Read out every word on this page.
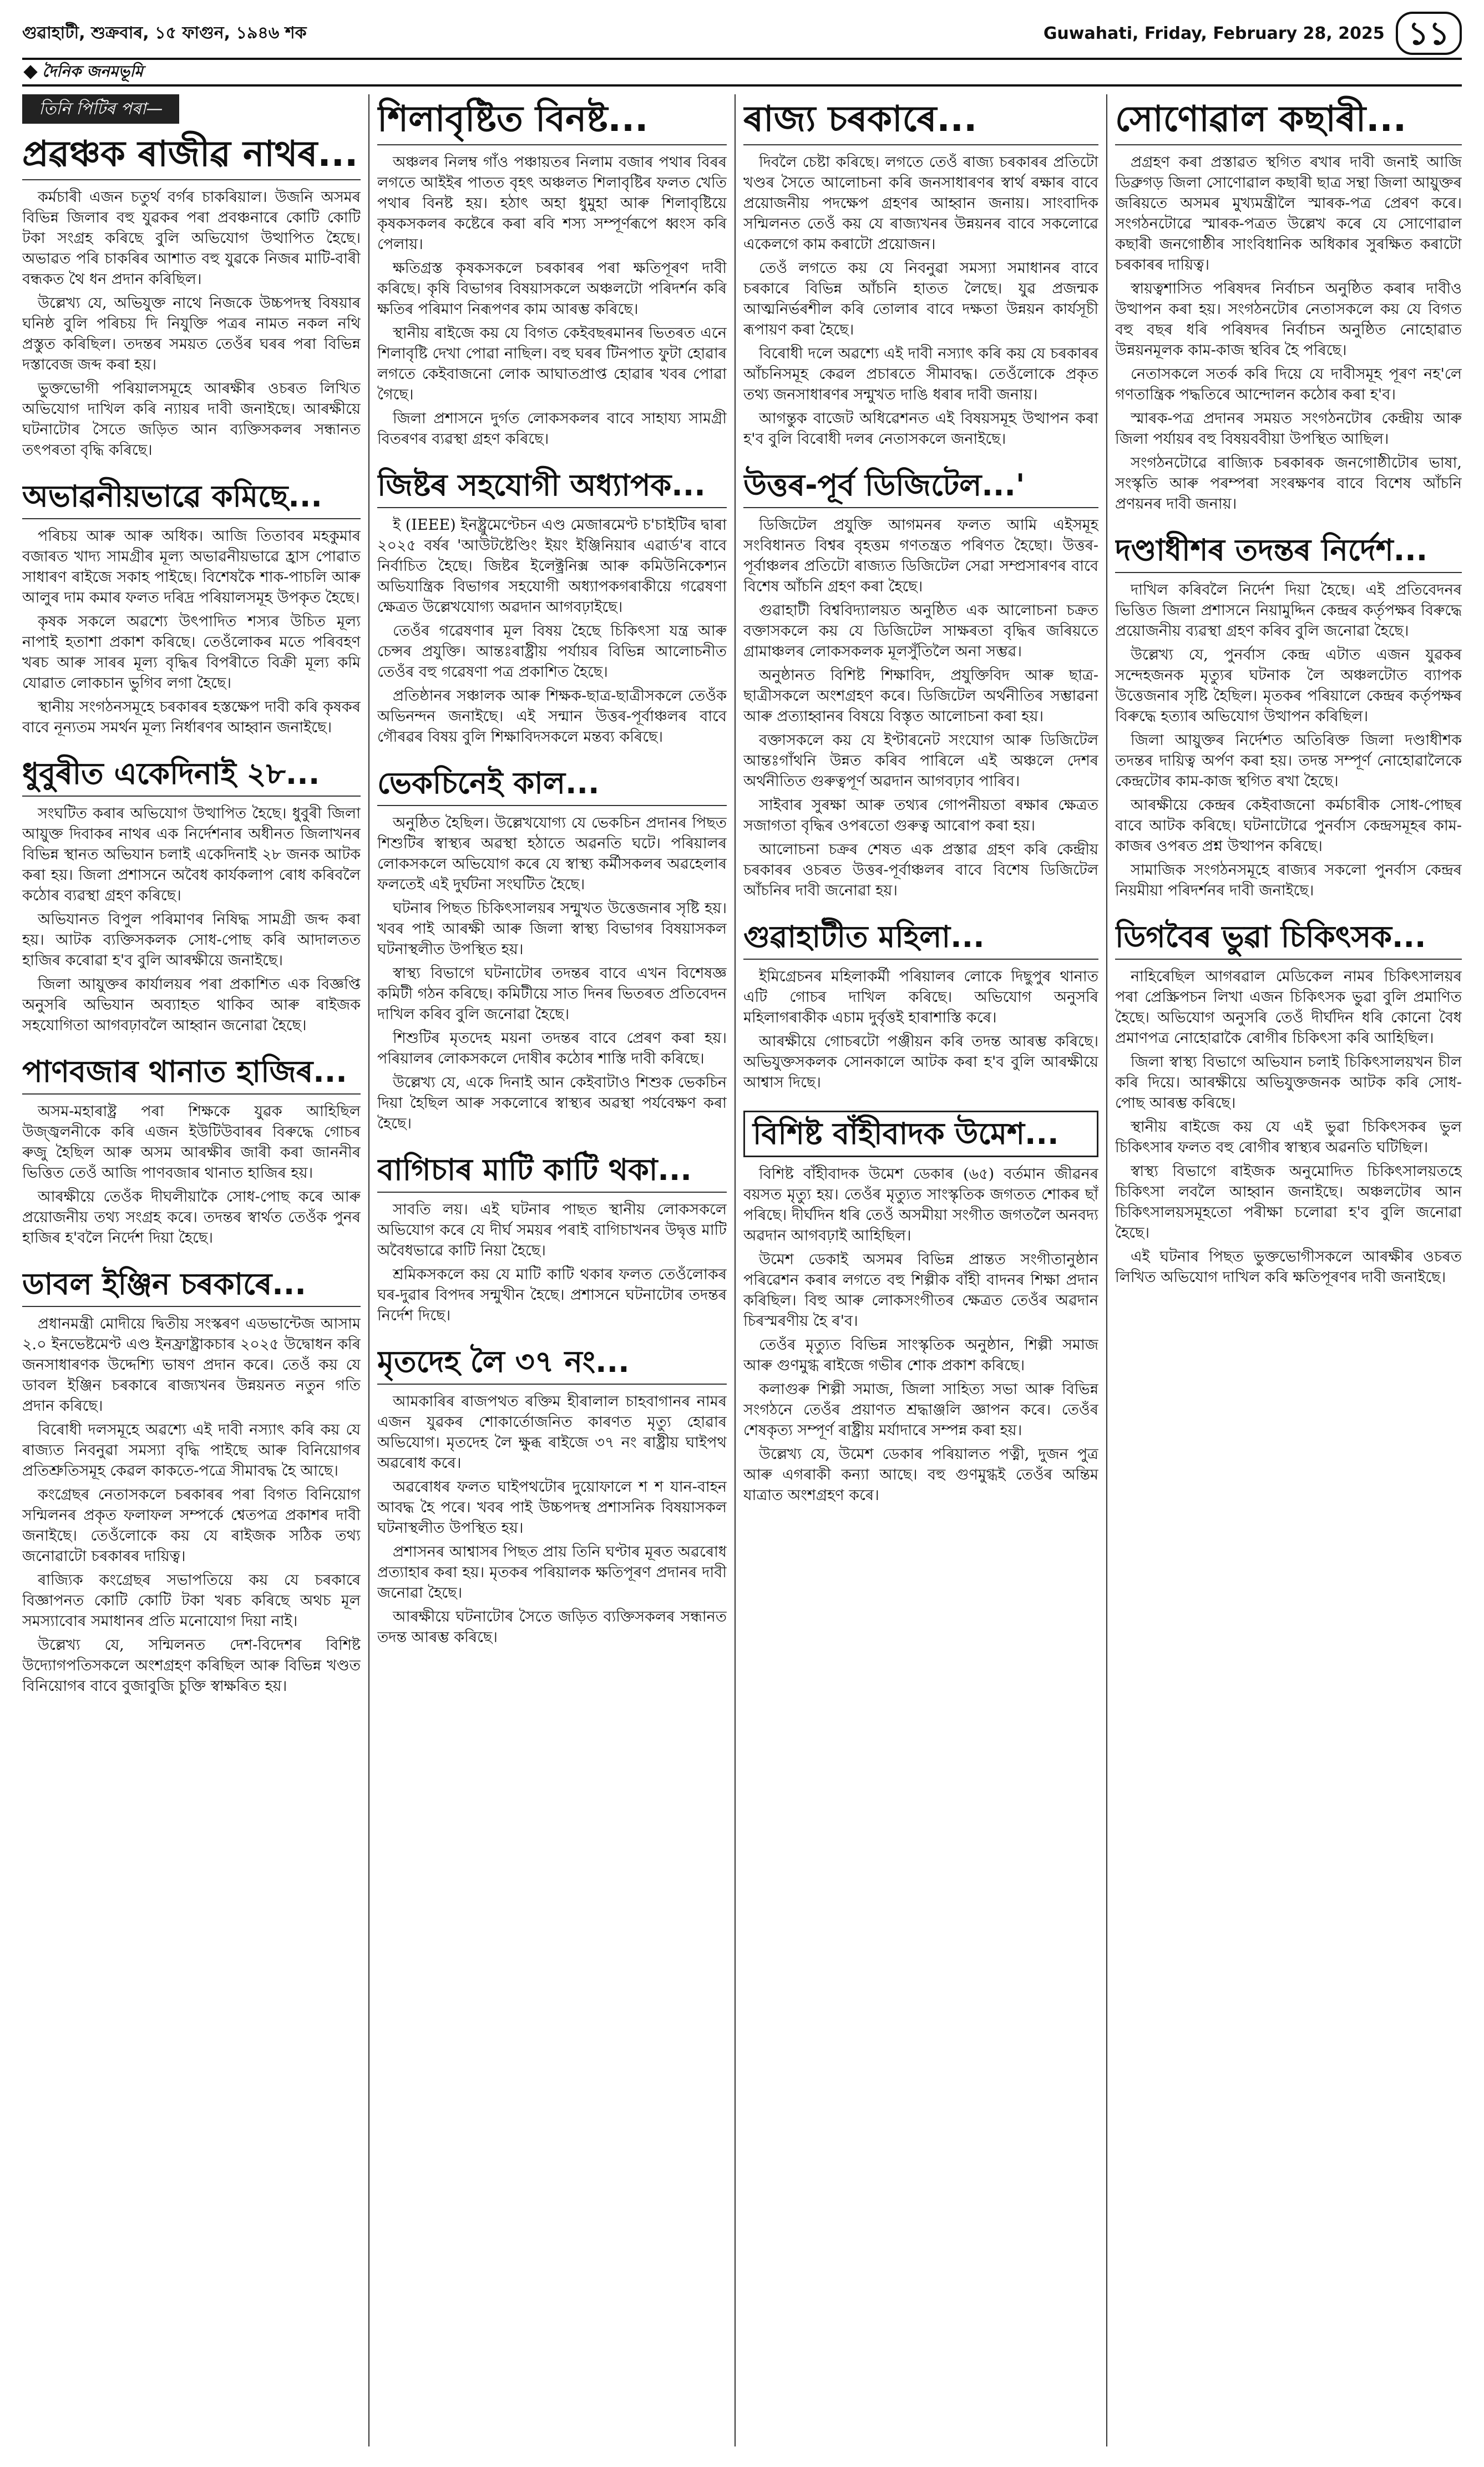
গুৱাহাটী, শুক্ৰবাৰ, ১৫ ফাগুন, ১৯৪৬ শক	Guwahati, Friday, February 28, 2025 ১১
দৈনিক জনমভূমি
তিনি পিটিৰ পৰা—
প্ৰৱঞ্চক ৰাজীৱ নাথৰ...

কৰ্মচাৰী এজন চতুৰ্থ বৰ্গৰ চাকৰিয়াল। উজনি অসমৰ বিভিন্ন জিলাৰ বহু যুৱকৰ পৰা প্ৰবঞ্চনাৰে কোটি কোটি টকা সংগ্ৰহ কৰিছে বুলি অভিযোগ উত্থাপিত হৈছে। অভাৱত পৰি চাকৰিৰ আশাত বহু যুৱকে নিজৰ মাটি-বাৰী বন্ধকত থৈ ধন প্ৰদান কৰিছিল।

উল্লেখ্য যে, অভিযুক্ত নাথে নিজকে উচ্চপদস্থ বিষয়াৰ ঘনিষ্ঠ বুলি পৰিচয় দি নিযুক্তি পত্ৰৰ নামত নকল নথি প্ৰস্তুত কৰিছিল। তদন্তৰ সময়ত তেওঁৰ ঘৰৰ পৰা বিভিন্ন দস্তাবেজ জব্দ কৰা হয়।

ভুক্তভোগী পৰিয়ালসমূহে আৰক্ষীৰ ওচৰত লিখিত অভিযোগ দাখিল কৰি ন্যায়ৰ দাবী জনাইছে। আৰক্ষীয়ে ঘটনাটোৰ সৈতে জড়িত আন ব্যক্তিসকলৰ সন্ধানত তৎপৰতা বৃদ্ধি কৰিছে।

অভাৱনীয়ভাৱে কমিছে...

পৰিচয় আৰু আৰু অধিক। আজি তিতাবৰ মহকুমাৰ বজাৰত খাদ্য সামগ্ৰীৰ মূল্য অভাৱনীয়ভাৱে হ্ৰাস পোৱাত সাধাৰণ ৰাইজে সকাহ পাইছে। বিশেষকৈ শাক-পাচলি আৰু আলুৰ দাম কমাৰ ফলত দৰিদ্ৰ পৰিয়ালসমূহ উপকৃত হৈছে।

কৃষক সকলে অৱশ্যে উৎপাদিত শস্যৰ উচিত মূল্য নাপাই হতাশা প্ৰকাশ কৰিছে। তেওঁলোকৰ মতে পৰিবহণ খৰচ আৰু সাৰৰ মূল্য বৃদ্ধিৰ বিপৰীতে বিক্ৰী মূল্য কমি যোৱাত লোকচান ভুগিব লগা হৈছে।

স্থানীয় সংগঠনসমূহে চৰকাৰৰ হস্তক্ষেপ দাবী কৰি কৃষকৰ বাবে নূন্যতম সমৰ্থন মূল্য নিৰ্ধাৰণৰ আহ্বান জনাইছে।

ধুবুৰীত একেদিনাই ২৮...

সংঘটিত কৰাৰ অভিযোগ উত্থাপিত হৈছে। ধুবুৰী জিলা আয়ুক্ত দিবাকৰ নাথৰ এক নিৰ্দেশনাৰ অধীনত জিলাখনৰ বিভিন্ন স্থানত অভিযান চলাই একেদিনাই ২৮ জনক আটক কৰা হয়। জিলা প্ৰশাসনে অবৈধ কাৰ্যকলাপ ৰোধ কৰিবলৈ কঠোৰ ব্যৱস্থা গ্ৰহণ কৰিছে।

অভিযানত বিপুল পৰিমাণৰ নিষিদ্ধ সামগ্ৰী জব্দ কৰা হয়। আটক ব্যক্তিসকলক সোধ-পোছ কৰি আদালতত হাজিৰ কৰোৱা হ'ব বুলি আৰক্ষীয়ে জনাইছে।

জিলা আয়ুক্তৰ কাৰ্যালয়ৰ পৰা প্ৰকাশিত এক বিজ্ঞপ্তি অনুসৰি অভিযান অব্যাহত থাকিব আৰু ৰাইজক সহযোগিতা আগবঢ়াবলৈ আহ্বান জনোৱা হৈছে।

পাণবজাৰ থানাত হাজিৰ...

অসম-মহাৰাষ্ট্ৰ পৰা শিক্ষকে যুৱক আহিছিল উজ্জ্বলনীকে কৰি এজন ইউটিউবাৰৰ বিৰুদ্ধে গোচৰ ৰুজু হৈছিল আৰু অসম আৰক্ষীৰ জাৰী কৰা জাননীৰ ভিত্তিত তেওঁ আজি পাণবজাৰ থানাত হাজিৰ হয়।

আৰক্ষীয়ে তেওঁক দীঘলীয়াকৈ সোধ-পোছ কৰে আৰু প্ৰয়োজনীয় তথ্য সংগ্ৰহ কৰে। তদন্তৰ স্বাৰ্থত তেওঁক পুনৰ হাজিৰ হ'বলৈ নিৰ্দেশ দিয়া হৈছে।

ডাবল ইঞ্জিন চৰকাৰে...

প্ৰধানমন্ত্ৰী মোদীয়ে দ্বিতীয় সংস্কৰণ এডভান্টেজ আসাম ২.০ ইনভেষ্টমেণ্ট এণ্ড ইনফ্ৰাষ্ট্ৰাকচাৰ ২০২৫ উদ্বোধন কৰি জনসাধাৰণক উদ্দেশ্যি ভাষণ প্ৰদান কৰে। তেওঁ কয় যে ডাবল ইঞ্জিন চৰকাৰে ৰাজ্যখনৰ উন্নয়নত নতুন গতি প্ৰদান কৰিছে।

বিৰোধী দলসমূহে অৱশ্যে এই দাবী নস্যাৎ কৰি কয় যে ৰাজ্যত নিবনুৱা সমস্যা বৃদ্ধি পাইছে আৰু বিনিয়োগৰ প্ৰতিশ্ৰুতিসমূহ কেৱল কাকতে-পত্ৰে সীমাবদ্ধ হৈ আছে।

কংগ্ৰেছৰ নেতাসকলে চৰকাৰৰ পৰা বিগত বিনিয়োগ সন্মিলনৰ প্ৰকৃত ফলাফল সম্পৰ্কে শ্বেতপত্ৰ প্ৰকাশৰ দাবী জনাইছে। তেওঁলোকে কয় যে ৰাইজক সঠিক তথ্য জনোৱাটো চৰকাৰৰ দায়িত্ব।

ৰাজ্যিক কংগ্ৰেছৰ সভাপতিয়ে কয় যে চৰকাৰে বিজ্ঞাপনত কোটি কোটি টকা খৰচ কৰিছে অথচ মূল সমস্যাবোৰ সমাধানৰ প্ৰতি মনোযোগ দিয়া নাই।

উল্লেখ্য যে, সন্মিলনত দেশ-বিদেশৰ বিশিষ্ট উদ্যোগপতিসকলে অংশগ্ৰহণ কৰিছিল আৰু বিভিন্ন খণ্ডত বিনিয়োগৰ বাবে বুজাবুজি চুক্তি স্বাক্ষৰিত হয়।

শিলাবৃষ্টিত বিনষ্ট...

অঞ্চলৰ নিলম্ব গাঁও পঞ্চায়তৰ নিলাম বজাৰ পথাৰ বিৰৰ লগতে আইইৰ পাতত বৃহৎ অঞ্চলত শিলাবৃষ্টিৰ ফলত খেতি পথাৰ বিনষ্ট হয়। হঠাৎ অহা ধুমুহা আৰু শিলাবৃষ্টিয়ে কৃষকসকলৰ কষ্টেৰে কৰা ৰবি শস্য সম্পূৰ্ণৰূপে ধ্বংস কৰি পেলায়।

ক্ষতিগ্ৰস্ত কৃষকসকলে চৰকাৰৰ পৰা ক্ষতিপূৰণ দাবী কৰিছে। কৃষি বিভাগৰ বিষয়াসকলে অঞ্চলটো পৰিদৰ্শন কৰি ক্ষতিৰ পৰিমাণ নিৰূপণৰ কাম আৰম্ভ কৰিছে।

স্থানীয় ৰাইজে কয় যে বিগত কেইবছৰমানৰ ভিতৰত এনে শিলাবৃষ্টি দেখা পোৱা নাছিল। বহু ঘৰৰ টিনপাত ফুটা হোৱাৰ লগতে কেইবাজনো লোক আঘাতপ্ৰাপ্ত হোৱাৰ খবৰ পোৱা গৈছে।

জিলা প্ৰশাসনে দুৰ্গত লোকসকলৰ বাবে সাহায্য সামগ্ৰী বিতৰণৰ ব্যৱস্থা গ্ৰহণ কৰিছে।

জিষ্টৰ সহযোগী অধ্যাপক...

ই (IEEE) ইনষ্ট্ৰুমেণ্টেচন এণ্ড মেজাৰমেণ্ট চ'চাইটিৰ দ্বাৰা ২০২৫ বৰ্ষৰ 'আউটষ্টেণ্ডিং ইয়ং ইঞ্জিনিয়াৰ এৱাৰ্ড'ৰ বাবে নিৰ্বাচিত হৈছে। জিষ্টৰ ইলেক্ট্ৰনিক্স আৰু কমিউনিকেশ্যন অভিযান্ত্ৰিক বিভাগৰ সহযোগী অধ্যাপকগৰাকীয়ে গৱেষণা ক্ষেত্ৰত উল্লেখযোগ্য অৱদান আগবঢ়াইছে।

তেওঁৰ গৱেষণাৰ মূল বিষয় হৈছে চিকিৎসা যন্ত্ৰ আৰু চেন্সৰ প্ৰযুক্তি। আন্তঃৰাষ্ট্ৰীয় পৰ্যায়ৰ বিভিন্ন আলোচনীত তেওঁৰ বহু গৱেষণা পত্ৰ প্ৰকাশিত হৈছে।

প্ৰতিষ্ঠানৰ সঞ্চালক আৰু শিক্ষক-ছাত্ৰ-ছাত্ৰীসকলে তেওঁক অভিনন্দন জনাইছে। এই সন্মান উত্তৰ-পূৰ্বাঞ্চলৰ বাবে গৌৰৱৰ বিষয় বুলি শিক্ষাবিদসকলে মন্তব্য কৰিছে।

ভেকচিনেই কাল...

অনুষ্ঠিত হৈছিল। উল্লেখযোগ্য যে ভেকচিন প্ৰদানৰ পিছত শিশুটিৰ স্বাস্থ্যৰ অৱস্থা হঠাতে অৱনতি ঘটে। পৰিয়ালৰ লোকসকলে অভিযোগ কৰে যে স্বাস্থ্য কৰ্মীসকলৰ অৱহেলাৰ ফলতেই এই দুৰ্ঘটনা সংঘটিত হৈছে।

ঘটনাৰ পিছত চিকিৎসালয়ৰ সন্মুখত উত্তেজনাৰ সৃষ্টি হয়। খবৰ পাই আৰক্ষী আৰু জিলা স্বাস্থ্য বিভাগৰ বিষয়াসকল ঘটনাস্থলীত উপস্থিত হয়।

স্বাস্থ্য বিভাগে ঘটনাটোৰ তদন্তৰ বাবে এখন বিশেষজ্ঞ কমিটী গঠন কৰিছে। কমিটীয়ে সাত দিনৰ ভিতৰত প্ৰতিবেদন দাখিল কৰিব বুলি জনোৱা হৈছে।

শিশুটিৰ মৃতদেহ ময়না তদন্তৰ বাবে প্ৰেৰণ কৰা হয়। পৰিয়ালৰ লোকসকলে দোষীৰ কঠোৰ শাস্তি দাবী কৰিছে।

উল্লেখ্য যে, একে দিনাই আন কেইবাটাও শিশুক ভেকচিন দিয়া হৈছিল আৰু সকলোৰে স্বাস্থ্যৰ অৱস্থা পৰ্যবেক্ষণ কৰা হৈছে।

বাগিচাৰ মাটি কাটি থকা...

সাবতি লয়। এই ঘটনাৰ পাছত স্থানীয় লোকসকলে অভিযোগ কৰে যে দীৰ্ঘ সময়ৰ পৰাই বাগিচাখনৰ উদ্বৃত্ত মাটি অবৈধভাৱে কাটি নিয়া হৈছে।

শ্ৰমিকসকলে কয় যে মাটি কাটি থকাৰ ফলত তেওঁলোকৰ ঘৰ-দুৱাৰ বিপদৰ সন্মুখীন হৈছে। প্ৰশাসনে ঘটনাটোৰ তদন্তৰ নিৰ্দেশ দিছে।

মৃতদেহ লৈ ৩৭ নং...

আমকাৰিৰ ৰাজপথত ৰক্তিম হীৰালাল চাহবাগানৰ নামৰ এজন যুৱকৰ শোকাৰ্তোজনিত কাৰণত মৃত্যু হোৱাৰ অভিযোগ। মৃতদেহ লৈ ক্ষুব্ধ ৰাইজে ৩৭ নং ৰাষ্ট্ৰীয় ঘাইপথ অৱৰোধ কৰে।

অৱৰোধৰ ফলত ঘাইপথটোৰ দুয়োফালে শ শ যান-বাহন আবদ্ধ হৈ পৰে। খবৰ পাই উচ্চপদস্থ প্ৰশাসনিক বিষয়াসকল ঘটনাস্থলীত উপস্থিত হয়।

প্ৰশাসনৰ আশ্বাসৰ পিছত প্ৰায় তিনি ঘণ্টাৰ মূৰত অৱৰোধ প্ৰত্যাহাৰ কৰা হয়। মৃতকৰ পৰিয়ালক ক্ষতিপূৰণ প্ৰদানৰ দাবী জনোৱা হৈছে।

আৰক্ষীয়ে ঘটনাটোৰ সৈতে জড়িত ব্যক্তিসকলৰ সন্ধানত তদন্ত আৰম্ভ কৰিছে।

ৰাজ্য চৰকাৰে...

দিবলৈ চেষ্টা কৰিছে। লগতে তেওঁ ৰাজ্য চৰকাৰৰ প্ৰতিটো খণ্ডৰ সৈতে আলোচনা কৰি জনসাধাৰণৰ স্বাৰ্থ ৰক্ষাৰ বাবে প্ৰয়োজনীয় পদক্ষেপ গ্ৰহণৰ আহ্বান জনায়। সাংবাদিক সন্মিলনত তেওঁ কয় যে ৰাজ্যখনৰ উন্নয়নৰ বাবে সকলোৱে একেলগে কাম কৰাটো প্ৰয়োজন।

তেওঁ লগতে কয় যে নিবনুৱা সমস্যা সমাধানৰ বাবে চৰকাৰে বিভিন্ন আঁচনি হাতত লৈছে। যুৱ প্ৰজন্মক আত্মনিৰ্ভৰশীল কৰি তোলাৰ বাবে দক্ষতা উন্নয়ন কাৰ্যসূচী ৰূপায়ণ কৰা হৈছে।

বিৰোধী দলে অৱশ্যে এই দাবী নস্যাৎ কৰি কয় যে চৰকাৰৰ আঁচনিসমূহ কেৱল প্ৰচাৰতে সীমাবদ্ধ। তেওঁলোকে প্ৰকৃত তথ্য জনসাধাৰণৰ সন্মুখত দাঙি ধৰাৰ দাবী জনায়।

আগন্তুক বাজেট অধিৱেশনত এই বিষয়সমূহ উত্থাপন কৰা হ'ব বুলি বিৰোধী দলৰ নেতাসকলে জনাইছে।

উত্তৰ-পূৰ্ব ডিজিটেল...'

ডিজিটেল প্ৰযুক্তি আগমনৰ ফলত আমি এইসমূহ সংবিধানত বিশ্বৰ বৃহত্তম গণতন্ত্ৰত পৰিণত হৈছো। উত্তৰ-পূৰ্বাঞ্চলৰ প্ৰতিটো ৰাজ্যত ডিজিটেল সেৱা সম্প্ৰসাৰণৰ বাবে বিশেষ আঁচনি গ্ৰহণ কৰা হৈছে।

গুৱাহাটী বিশ্ববিদ্যালয়ত অনুষ্ঠিত এক আলোচনা চক্ৰত বক্তাসকলে কয় যে ডিজিটেল সাক্ষৰতা বৃদ্ধিৰ জৰিয়তে গ্ৰামাঞ্চলৰ লোকসকলক মূলসুঁতিলৈ অনা সম্ভৱ।

অনুষ্ঠানত বিশিষ্ট শিক্ষাবিদ, প্ৰযুক্তিবিদ আৰু ছাত্ৰ-ছাত্ৰীসকলে অংশগ্ৰহণ কৰে। ডিজিটেল অৰ্থনীতিৰ সম্ভাৱনা আৰু প্ৰত্যাহ্বানৰ বিষয়ে বিস্তৃত আলোচনা কৰা হয়।

বক্তাসকলে কয় যে ইণ্টাৰনেট সংযোগ আৰু ডিজিটেল আন্তঃগাঁথনি উন্নত কৰিব পাৰিলে এই অঞ্চলে দেশৰ অৰ্থনীতিত গুৰুত্বপূৰ্ণ অৱদান আগবঢ়াব পাৰিব।

সাইবাৰ সুৰক্ষা আৰু তথ্যৰ গোপনীয়তা ৰক্ষাৰ ক্ষেত্ৰত সজাগতা বৃদ্ধিৰ ওপৰতো গুৰুত্ব আৰোপ কৰা হয়।

আলোচনা চক্ৰৰ শেষত এক প্ৰস্তাৱ গ্ৰহণ কৰি কেন্দ্ৰীয় চৰকাৰৰ ওচৰত উত্তৰ-পূৰ্বাঞ্চলৰ বাবে বিশেষ ডিজিটেল আঁচনিৰ দাবী জনোৱা হয়।

গুৱাহাটীত মহিলা...

ইমিগ্ৰেচনৰ মহিলাকৰ্মী পৰিয়ালৰ লোকে দিছুপুৰ থানাত এটি গোচৰ দাখিল কৰিছে। অভিযোগ অনুসৰি মহিলাগৰাকীক এচাম দুৰ্বৃত্তই হাৰাশাস্তি কৰে।

আৰক্ষীয়ে গোচৰটো পঞ্জীয়ন কৰি তদন্ত আৰম্ভ কৰিছে। অভিযুক্তসকলক সোনকালে আটক কৰা হ'ব বুলি আৰক্ষীয়ে আশ্বাস দিছে।

বিশিষ্ট বাঁহীবাদক উমেশ...

বিশিষ্ট বাঁহীবাদক উমেশ ডেকাৰ (৬৫) বৰ্তমান জীৱনৰ বয়সত মৃত্যু হয়। তেওঁৰ মৃত্যুত সাংস্কৃতিক জগতত শোকৰ ছাঁ পৰিছে। দীৰ্ঘদিন ধৰি তেওঁ অসমীয়া সংগীত জগতলৈ অনবদ্য অৱদান আগবঢ়াই আহিছিল।

উমেশ ডেকাই অসমৰ বিভিন্ন প্ৰান্তত সংগীতানুষ্ঠান পৰিৱেশন কৰাৰ লগতে বহু শিল্পীক বাঁহী বাদনৰ শিক্ষা প্ৰদান কৰিছিল। বিহু আৰু লোকসংগীতৰ ক্ষেত্ৰত তেওঁৰ অৱদান চিৰস্মৰণীয় হৈ ৰ'ব।

তেওঁৰ মৃত্যুত বিভিন্ন সাংস্কৃতিক অনুষ্ঠান, শিল্পী সমাজ আৰু গুণমুগ্ধ ৰাইজে গভীৰ শোক প্ৰকাশ কৰিছে।

কলাগুৰু শিল্পী সমাজ, জিলা সাহিত্য সভা আৰু বিভিন্ন সংগঠনে তেওঁৰ প্ৰয়াণত শ্ৰদ্ধাঞ্জলি জ্ঞাপন কৰে। তেওঁৰ শেষকৃত্য সম্পূৰ্ণ ৰাষ্ট্ৰীয় মৰ্যাদাৰে সম্পন্ন কৰা হয়।

উল্লেখ্য যে, উমেশ ডেকাৰ পৰিয়ালত পত্নী, দুজন পুত্ৰ আৰু এগৰাকী কন্যা আছে। বহু গুণমুগ্ধই তেওঁৰ অন্তিম যাত্ৰাত অংশগ্ৰহণ কৰে।

সোণোৱাল কছাৰী...

প্ৰগ্ৰহণ কৰা প্ৰস্তাৱত স্থগিত ৰখাৰ দাবী জনাই আজি ডিব্ৰুগড় জিলা সোণোৱাল কছাৰী ছাত্ৰ সন্থা জিলা আয়ুক্তৰ জৰিয়তে অসমৰ মুখ্যমন্ত্ৰীলৈ স্মাৰক-পত্ৰ প্ৰেৰণ কৰে। সংগঠনটোৱে স্মাৰক-পত্ৰত উল্লেখ কৰে যে সোণোৱাল কছাৰী জনগোষ্ঠীৰ সাংবিধানিক অধিকাৰ সুৰক্ষিত কৰাটো চৰকাৰৰ দায়িত্ব।

স্বায়ত্বশাসিত পৰিষদৰ নিৰ্বাচন অনুষ্ঠিত কৰাৰ দাবীও উত্থাপন কৰা হয়। সংগঠনটোৰ নেতাসকলে কয় যে বিগত বহু বছৰ ধৰি পৰিষদৰ নিৰ্বাচন অনুষ্ঠিত নোহোৱাত উন্নয়নমূলক কাম-কাজ স্থবিৰ হৈ পৰিছে।

নেতাসকলে সতৰ্ক কৰি দিয়ে যে দাবীসমূহ পূৰণ নহ'লে গণতান্ত্ৰিক পদ্ধতিৰে আন্দোলন কঠোৰ কৰা হ'ব।

স্মাৰক-পত্ৰ প্ৰদানৰ সময়ত সংগঠনটোৰ কেন্দ্ৰীয় আৰু জিলা পৰ্যায়ৰ বহু বিষয়ববীয়া উপস্থিত আছিল।

সংগঠনটোৱে ৰাজ্যিক চৰকাৰক জনগোষ্ঠীটোৰ ভাষা, সংস্কৃতি আৰু পৰম্পৰা সংৰক্ষণৰ বাবে বিশেষ আঁচনি প্ৰণয়নৰ দাবী জনায়।

দণ্ডাধীশৰ তদন্তৰ নিৰ্দেশ...

দাখিল কৰিবলৈ নিৰ্দেশ দিয়া হৈছে। এই প্ৰতিবেদনৰ ভিত্তিত জিলা প্ৰশাসনে নিয়ামুদ্দিন কেন্দ্ৰৰ কৰ্তৃপক্ষৰ বিৰুদ্ধে প্ৰয়োজনীয় ব্যৱস্থা গ্ৰহণ কৰিব বুলি জনোৱা হৈছে।

উল্লেখ্য যে, পুনৰ্বাস কেন্দ্ৰ এটাত এজন যুৱকৰ সন্দেহজনক মৃত্যুৰ ঘটনাক লৈ অঞ্চলটোত ব্যাপক উত্তেজনাৰ সৃষ্টি হৈছিল। মৃতকৰ পৰিয়ালে কেন্দ্ৰৰ কৰ্তৃপক্ষৰ বিৰুদ্ধে হত্যাৰ অভিযোগ উত্থাপন কৰিছিল।

জিলা আয়ুক্তৰ নিৰ্দেশত অতিৰিক্ত জিলা দণ্ডাধীশক তদন্তৰ দায়িত্ব অৰ্পণ কৰা হয়। তদন্ত সম্পূৰ্ণ নোহোৱালৈকে কেন্দ্ৰটোৰ কাম-কাজ স্থগিত ৰখা হৈছে।

আৰক্ষীয়ে কেন্দ্ৰৰ কেইবাজনো কৰ্মচাৰীক সোধ-পোছৰ বাবে আটক কৰিছে। ঘটনাটোৱে পুনৰ্বাস কেন্দ্ৰসমূহৰ কাম-কাজৰ ওপৰত প্ৰশ্ন উত্থাপন কৰিছে।

সামাজিক সংগঠনসমূহে ৰাজ্যৰ সকলো পুনৰ্বাস কেন্দ্ৰৰ নিয়মীয়া পৰিদৰ্শনৰ দাবী জনাইছে।

ডিগবৈৰ ভুৱা চিকিৎসক...

নাহিৰেছিল আগৰৱাল মেডিকেল নামৰ চিকিৎসালয়ৰ পৰা প্ৰেস্ক্ৰিপচন লিখা এজন চিকিৎসক ভুৱা বুলি প্ৰমাণিত হৈছে। অভিযোগ অনুসৰি তেওঁ দীৰ্ঘদিন ধৰি কোনো বৈধ প্ৰমাণপত্ৰ নোহোৱাকৈ ৰোগীৰ চিকিৎসা কৰি আহিছিল।

জিলা স্বাস্থ্য বিভাগে অভিযান চলাই চিকিৎসালয়খন চীল কৰি দিয়ে। আৰক্ষীয়ে অভিযুক্তজনক আটক কৰি সোধ-পোছ আৰম্ভ কৰিছে।

স্থানীয় ৰাইজে কয় যে এই ভুৱা চিকিৎসকৰ ভুল চিকিৎসাৰ ফলত বহু ৰোগীৰ স্বাস্থ্যৰ অৱনতি ঘটিছিল।

স্বাস্থ্য বিভাগে ৰাইজক অনুমোদিত চিকিৎসালয়তহে চিকিৎসা লবলৈ আহ্বান জনাইছে। অঞ্চলটোৰ আন চিকিৎসালয়সমূহতো পৰীক্ষা চলোৱা হ'ব বুলি জনোৱা হৈছে।

এই ঘটনাৰ পিছত ভুক্তভোগীসকলে আৰক্ষীৰ ওচৰত লিখিত অভিযোগ দাখিল কৰি ক্ষতিপূৰণৰ দাবী জনাইছে।
